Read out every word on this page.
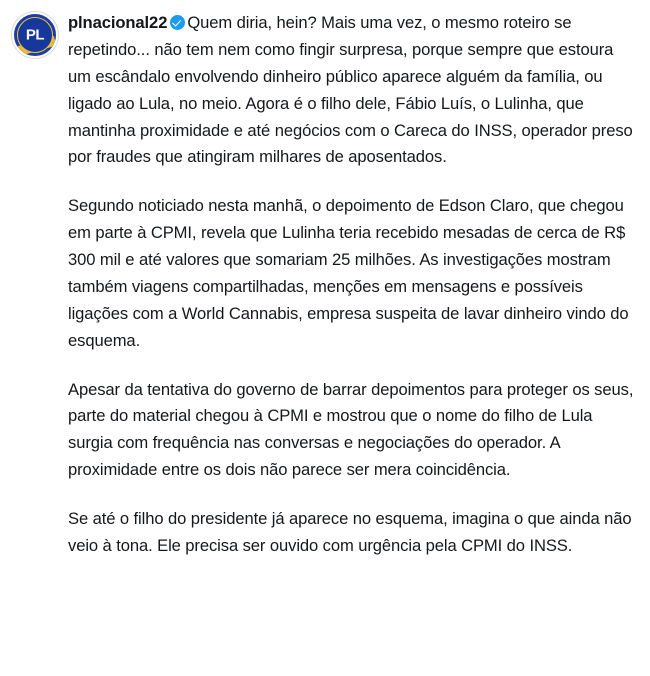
PL

plnacional22 Quem diria, hein? Mais uma vez, o mesmo roteiro se repetindo... não tem nem como fingir surpresa, porque sempre que estoura um escândalo envolvendo dinheiro público aparece alguém da família, ou ligado ao Lula, no meio. Agora é o filho dele, Fábio Luís, o Lulinha, que mantinha proximidade e até negócios com o Careca do INSS, operador preso por fraudes que atingiram milhares de aposentados.

Segundo noticiado nesta manhã, o depoimento de Edson Claro, que chegou em parte à CPMI, revela que Lulinha teria recebido mesadas de cerca de R$ 300 mil e até valores que somariam 25 milhões. As investigações mostram também viagens compartilhadas, menções em mensagens e possíveis ligações com a World Cannabis, empresa suspeita de lavar dinheiro vindo do esquema.

Apesar da tentativa do governo de barrar depoimentos para proteger os seus, parte do material chegou à CPMI e mostrou que o nome do filho de Lula surgia com frequência nas conversas e negociações do operador. A proximidade entre os dois não parece ser mera coincidência.

Se até o filho do presidente já aparece no esquema, imagina o que ainda não veio à tona. Ele precisa ser ouvido com urgência pela CPMI do INSS.
